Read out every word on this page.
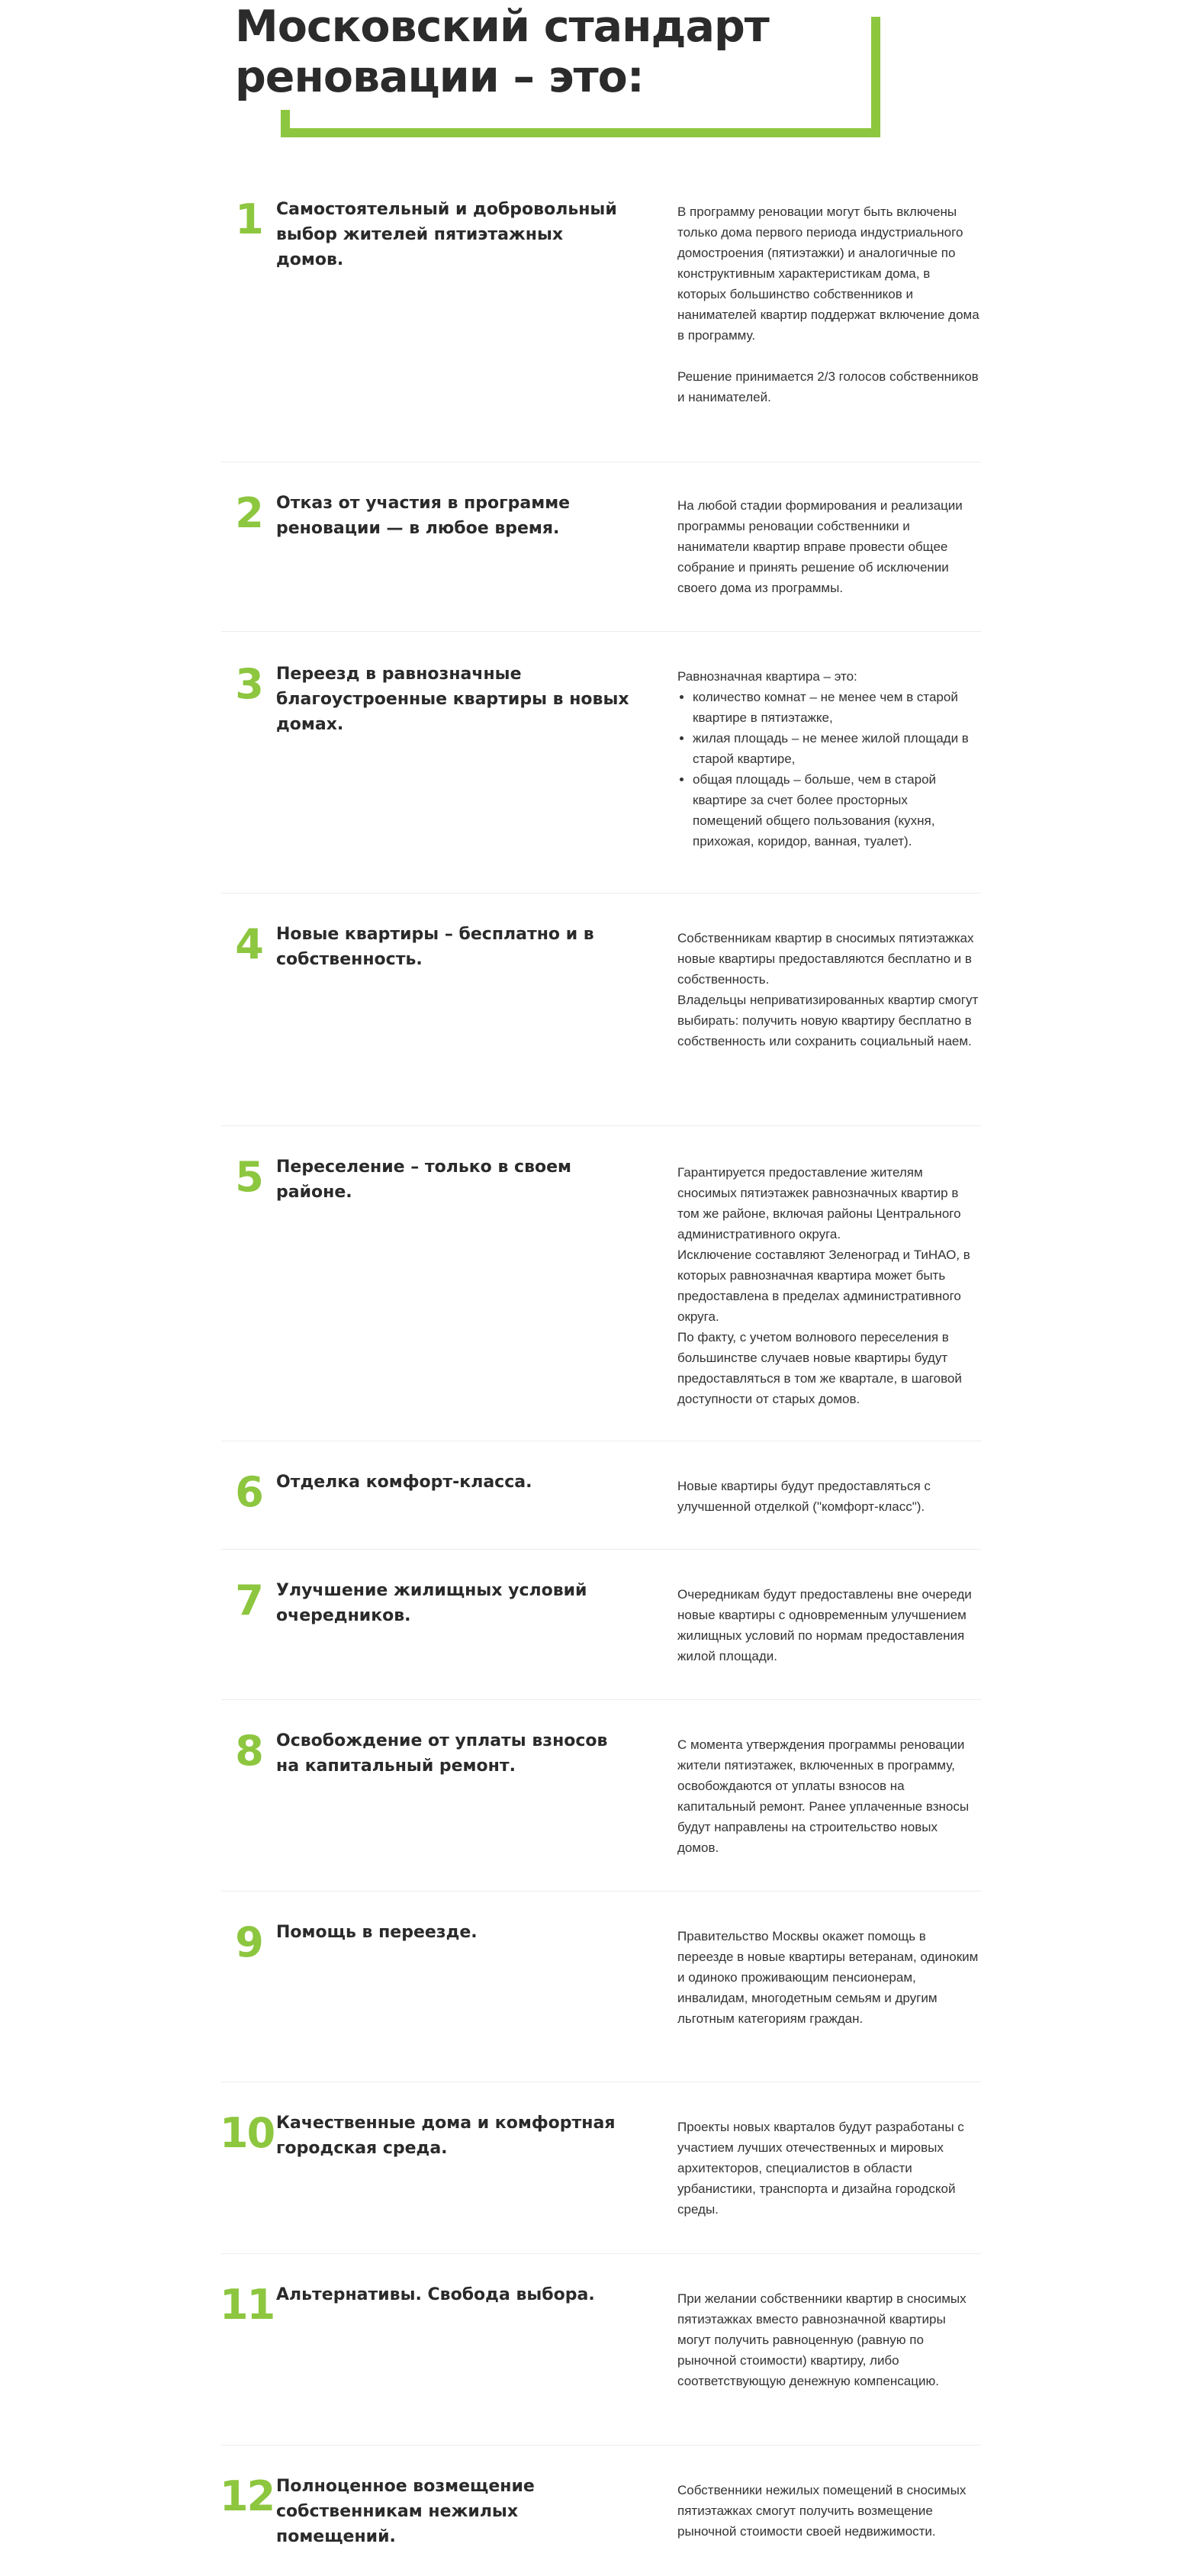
Московский стандарт
реновации – это:
1 Самостоятельный и добровольный выбор жителей пятиэтажных домов.

В программу реновации могут быть включены только дома первого периода индустриального домостроения (пятиэтажки) и аналогичные по конструктивным характеристикам дома, в которых большинство собственников и нанимателей квартир поддержат включение дома в программу.

Решение принимается 2/3 голосов собственников и нанимателей.

2 Отказ от участия в программе реновации — в любое время.

На любой стадии формирования и реализации программы реновации собственники и наниматели квартир вправе провести общее собрание и принять решение об исключении своего дома из программы.

3 Переезд в равнозначные благоустроенные квартиры в новых домах.

Равнозначная квартира – это:

• количество комнат – не менее чем в старой квартире в пятиэтажке,
• жилая площадь – не менее жилой площади в старой квартире,
• общая площадь – больше, чем в старой квартире за счет более просторных помещений общего пользования (кухня, прихожая, коридор, ванная, туалет).
4 Новые квартиры – бесплатно и в собственность.

Собственникам квартир в сносимых пятиэтажках новые квартиры предоставляются бесплатно и в собственность.

Владельцы неприватизированных квартир смогут выбирать: получить новую квартиру бесплатно в собственность или сохранить социальный наем.

5 Переселение – только в своем районе.

Гарантируется предоставление жителям сносимых пятиэтажек равнозначных квартир в том же районе, включая районы Центрального административного округа.

Исключение составляют Зеленоград и ТиНАО, в которых равнозначная квартира может быть предоставлена в пределах административного округа.

По факту, с учетом волнового переселения в большинстве случаев новые квартиры будут предоставляться в том же квартале, в шаговой доступности от старых домов.

6 Отделка комфорт-класса.	Новые квартиры будут предоставляться с улучшенной отделкой ("комфорт-класс").

7 Улучшение жилищных условий очередников.

Очередникам будут предоставлены вне очереди новые квартиры с одновременным улучшением жилищных условий по нормам предоставления жилой площади.

8 Освобождение от уплаты взносов на капитальный ремонт.

С момента утверждения программы реновации жители пятиэтажек, включенных в программу, освобождаются от уплаты взносов на капитальный ремонт. Ранее уплаченные взносы будут направлены на строительство новых домов.

9 Помощь в переезде.	Правительство Москвы окажет помощь в переезде в новые квартиры ветеранам, одиноким и одиноко проживающим пенсионерам, инвалидам, многодетным семьям и другим льготным категориям граждан.

10 Качественные дома и комфортная городская среда.

Проекты новых кварталов будут разработаны с участием лучших отечественных и мировых архитекторов, специалистов в области урбанистики, транспорта и дизайна городской среды.

11 Альтернативы. Свобода выбора.	При желании собственники квартир в сносимых пятиэтажках вместо равнозначной квартиры могут получить равноценную (равную по рыночной стоимости) квартиру, либо соответствующую денежную компенсацию.

12 Полноценное возмещение собственникам нежилых помещений.

Собственники нежилых помещений в сносимых пятиэтажках смогут получить возмещение рыночной стоимости своей недвижимости.
